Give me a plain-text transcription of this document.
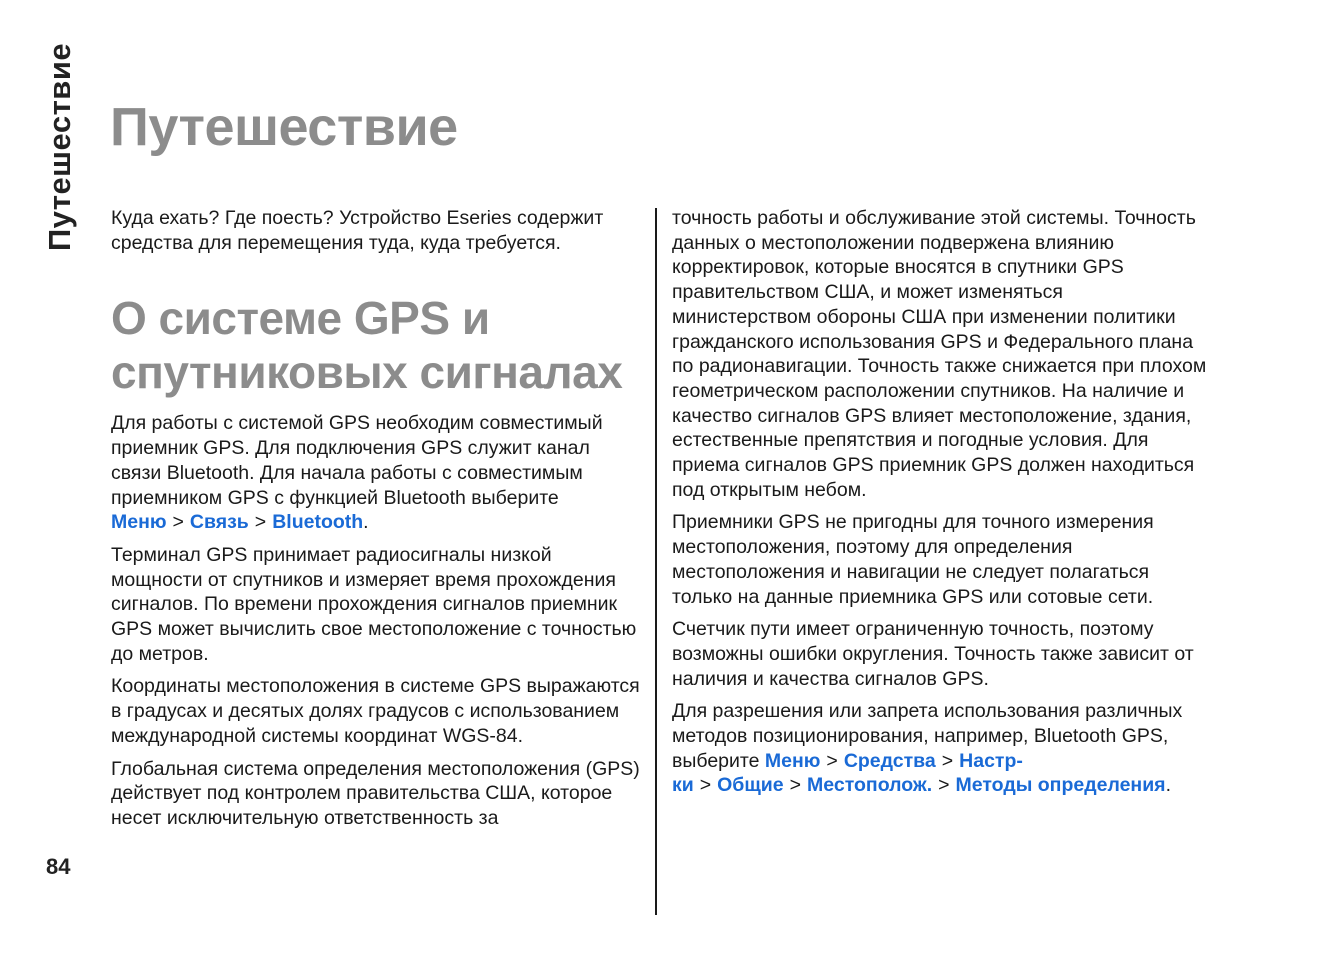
Путешествие
84
Путешествие

Куда ехать? Где поесть? Устройство Eseries содержит средства для перемещения туда, куда требуется.

О системе GPS и спутниковых сигналах

Для работы с системой GPS необходим совместимый приемник GPS. Для подключения GPS служит канал связи Bluetooth. Для начала работы с совместимым приемником GPS с функцией Bluetooth выберите Меню > Связь > Bluetooth.

Терминал GPS принимает радиосигналы низкой мощности от спутников и измеряет время прохождения сигналов. По времени прохождения сигналов приемник GPS может вычислить свое местоположение с точностью до метров.

Координаты местоположения в системе GPS выражаются в градусах и десятых долях градусов с использованием международной системы координат WGS-84.

Глобальная система определения местоположения (GPS) действует под контролем правительства США, которое несет исключительную ответственность за

точность работы и обслуживание этой системы. Точность данных о местоположении подвержена влиянию корректировок, которые вносятся в спутники GPS правительством США, и может изменяться министерством обороны США при изменении политики гражданского использования GPS и Федерального плана по радионавигации. Точность также снижается при плохом геометрическом расположении спутников. На наличие и качество сигналов GPS влияет местоположение, здания, естественные препятствия и погодные условия. Для приема сигналов GPS приемник GPS должен находиться под открытым небом.

Приемники GPS не пригодны для точного измерения местоположения, поэтому для определения местоположения и навигации не следует полагаться только на данные приемника GPS или сотовые сети.

Счетчик пути имеет ограниченную точность, поэтому возможны ошибки округления. Точность также зависит от наличия и качества сигналов GPS.

Для разрешения или запрета использования различных методов позиционирования, например, Bluetooth GPS, выберите Меню > Средства > Настр-ки > Общие > Местополож. > Методы определения.
